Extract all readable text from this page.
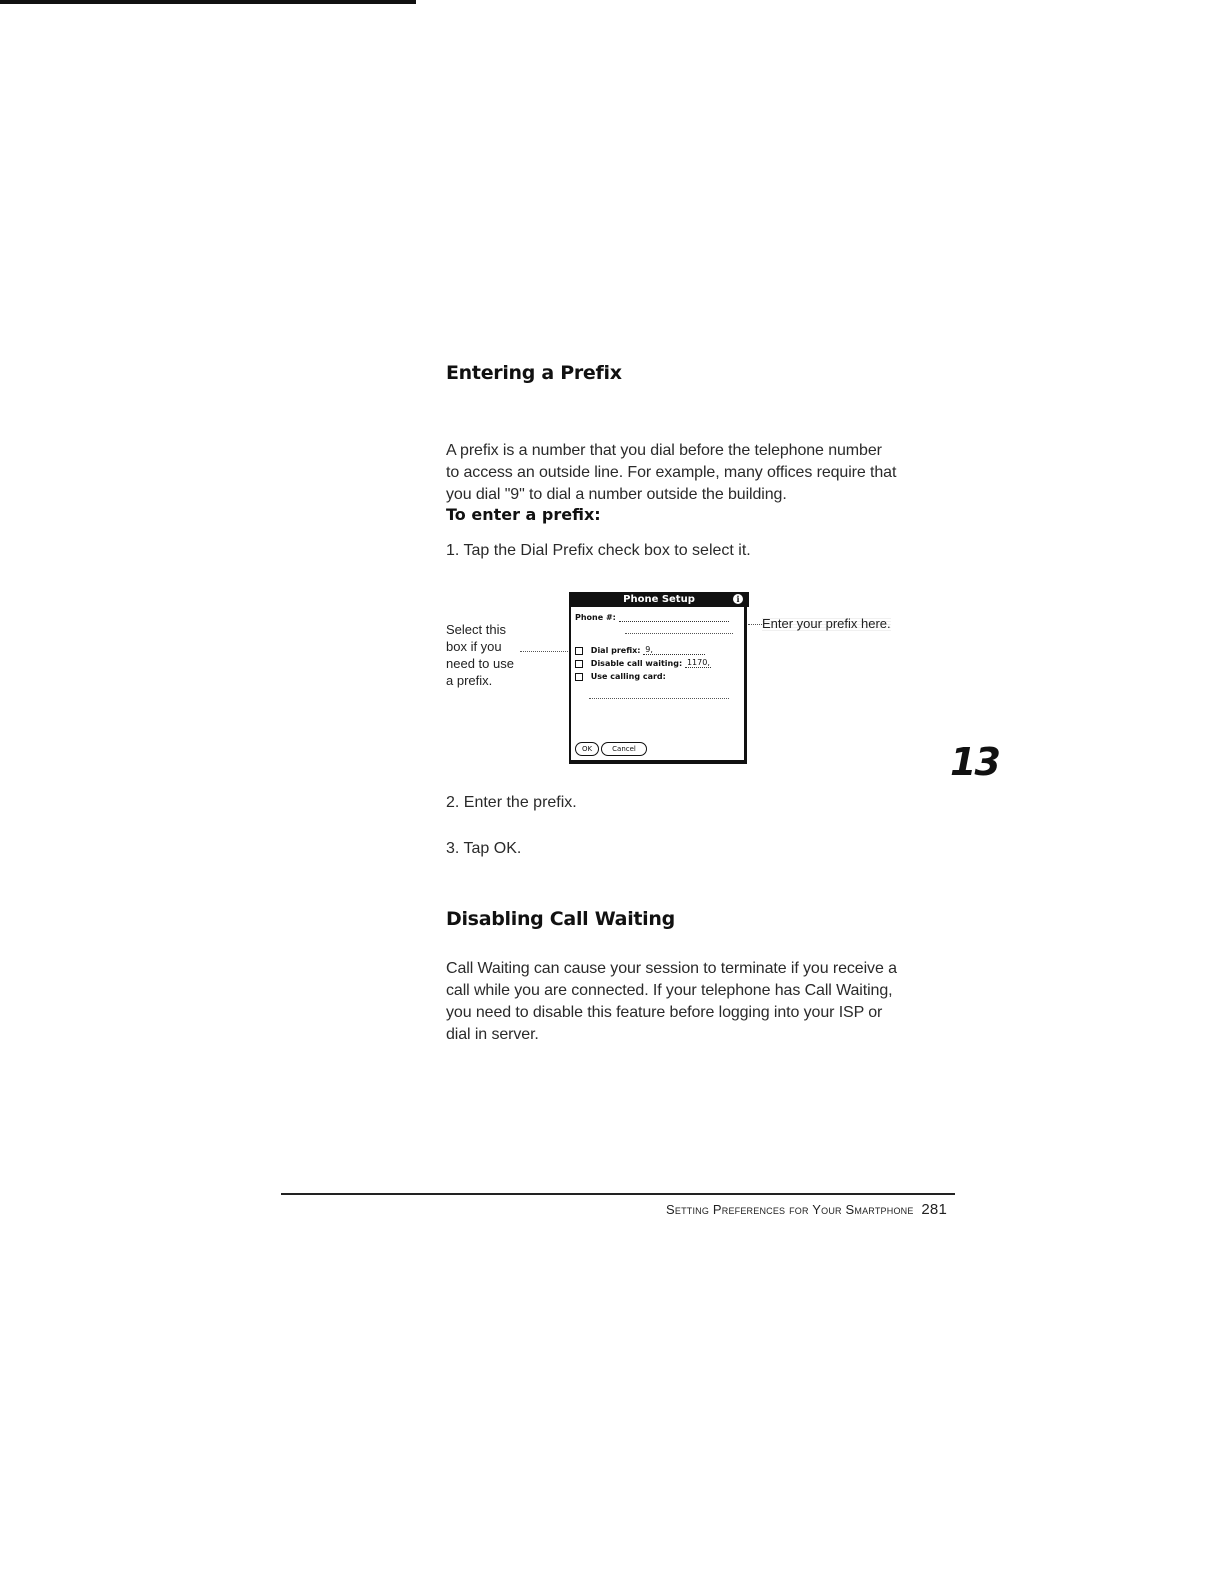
Entering a Prefix
A prefix is a number that you dial before the telephone number
to access an outside line. For example, many offices require that
you dial "9" to dial a number outside the building.
To enter a prefix:

1. Tap the Dial Prefix check box to select it.

Select this
box if you
need to use
a prefix.
Phone Setup	i
Phone #:
Dial prefix: 9,
Disable call waiting: 1170,
Use calling card:
OK	Cancel
Enter your prefix here.
13

2. Enter the prefix.

3. Tap OK.

Disabling Call Waiting
Call Waiting can cause your session to terminate if you receive a
call while you are connected. If your telephone has Call Waiting,
you need to disable this feature before logging into your ISP or
dial in server.

Setting Preferences for Your Smartphone 281
